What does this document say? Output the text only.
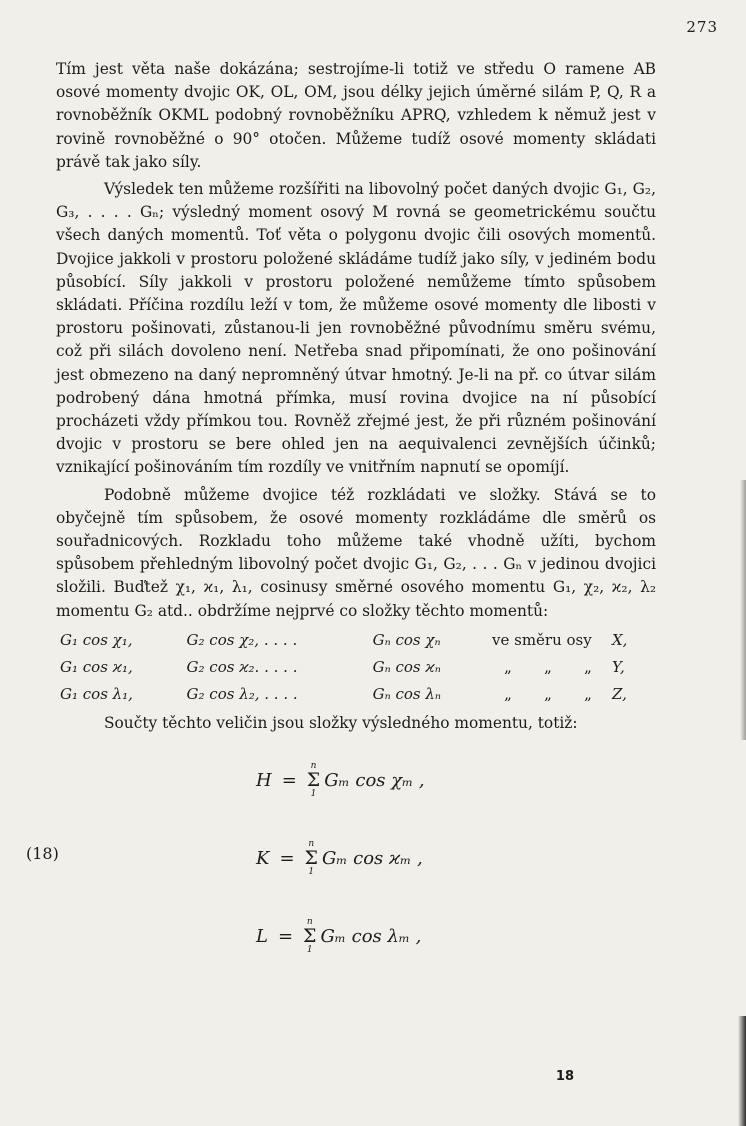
273

Tím jest věta naše dokázána; sestrojíme-li totiž ve středu O ramene AB osové momenty dvojic OK, OL, OM, jsou délky jejich úměrné silám P, Q, R a rovnoběžník OKML podobný rovnoběžníku APRQ, vzhledem k němuž jest v rovině rovnoběžné o 90° otočen. Můžeme tudíž osové momenty skládati právě tak jako síly.

Výsledek ten můžeme rozšířiti na libovolný počet daných dvojic G₁, G₂, G₃, . . . . Gₙ; výsledný moment osový M rovná se geometrickému součtu všech daných momentů. Toť věta o polygonu dvojic čili osových momentů. Dvojice jakkoli v prostoru položené skládáme tudíž jako síly, v jediném bodu působící. Síly jakkoli v prostoru položené nemůžeme tímto spůsobem skládati. Příčina rozdílu leží v tom, že můžeme osové momenty dle libosti v prostoru pošinovati, zůstanou-li jen rovnoběžné původnímu směru svému, což při silách dovoleno není. Netřeba snad připomínati, že ono pošinování jest obmezeno na daný nepromněný útvar hmotný. Je-li na př. co útvar silám podrobený dána hmotná přímka, musí rovina dvojice na ní působící procházeti vždy přímkou tou. Rovněž zřejmé jest, že při různém pošinování dvojic v prostoru se bere ohled jen na aequivalenci zevnějších účinků; vznikající pošinováním tím rozdíly ve vnitřním napnutí se opomíjí.

Podobně můžeme dvojice též rozkládati ve složky. Stává se to obyčejně tím spůsobem, že osové momenty rozkládáme dle směrů os souřadnicových. Rozkladu toho můžeme také vhodně užíti, bychom spůsobem přehledným libovolný počet dvojic G₁, G₂, . . . Gₙ v jedinou dvojici složili. Buďtež χ₁, ϰ₁, λ₁, cosinusy směrné osového momentu G₁, χ₂, ϰ₂, λ₂ momentu G₂ atd.. obdržíme nejprvé co složky těchto momentů:

G₁ cos χ₁,	G₂ cos χ₂, . . . .	Gₙ cos χₙ	ve směru osy			X,
G₁ cos ϰ₁,	G₂ cos ϰ₂. . . . .	Gₙ cos ϰₙ	„	„	„	Y,
G₁ cos λ₁,	G₂ cos λ₂, . . . .	Gₙ cos λₙ	„	„	„	Z,

Součty těchto veličin jsou složky výsledného momentu, totiž:

(18)
H =
n
Σ
1
Gₘ cos χₘ ,
K =
n
Σ
1
Gₘ cos ϰₘ ,
L =
n
Σ
1
Gₘ cos λₘ ,
18
